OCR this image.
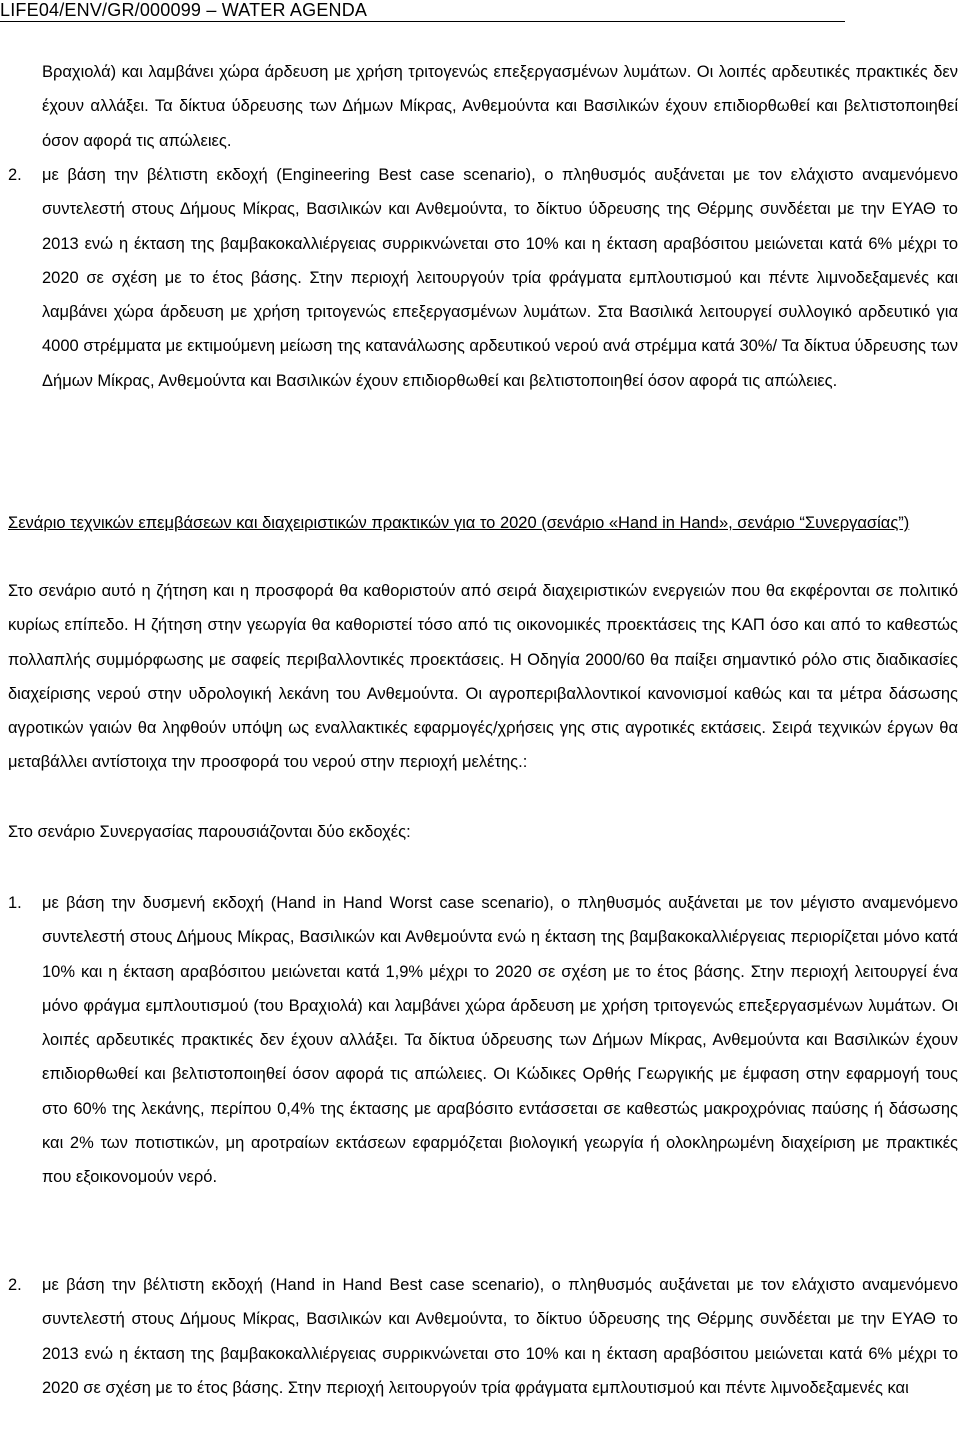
LIFE04/ENV/GR/000099 – WATER AGENDA
Βραχιολά) και λαμβάνει χώρα άρδευση με χρήση τριτογενώς επεξεργασμένων λυμάτων. Οι λοιπές αρδευτικές πρακτικές δεν έχουν αλλάξει. Τα δίκτυα ύδρευσης των Δήμων Μίκρας, Ανθεμούντα και Βασιλικών έχουν επιδιορθωθεί και βελτιστοποιηθεί όσον αφορά τις απώλειες.
2. με βάση την βέλτιστη εκδοχή (Engineering Best case scenario), ο πληθυσμός αυξάνεται με τον ελάχιστο αναμενόμενο συντελεστή στους Δήμους Μίκρας, Βασιλικών και Ανθεμούντα, το δίκτυο ύδρευσης της Θέρμης συνδέεται με την ΕΥΑΘ το 2013 ενώ η έκταση της βαμβακοκαλλιέργειας συρρικνώνεται στο 10% και η έκταση αραβόσιτου μειώνεται κατά 6% μέχρι το 2020 σε σχέση με το έτος βάσης. Στην περιοχή λειτουργούν τρία φράγματα εμπλουτισμού και πέντε λιμνοδεξαμενές και λαμβάνει χώρα άρδευση με χρήση τριτογενώς επεξεργασμένων λυμάτων. Στα Βασιλικά λειτουργεί συλλογικό αρδευτικό για 4000 στρέμματα με εκτιμούμενη μείωση της κατανάλωσης αρδευτικού νερού ανά στρέμμα κατά 30%/ Τα δίκτυα ύδρευσης των Δήμων Μίκρας, Ανθεμούντα και Βασιλικών έχουν επιδιορθωθεί και βελτιστοποιηθεί όσον αφορά τις απώλειες.
Σενάριο τεχνικών επεμβάσεων και διαχειριστικών πρακτικών για το 2020 (σενάριο «Hand in Hand», σενάριο “Συνεργασίας”)
Στο σενάριο αυτό η ζήτηση και η προσφορά θα καθοριστούν από σειρά διαχειριστικών ενεργειών που θα εκφέρονται σε πολιτικό κυρίως επίπεδο. Η ζήτηση στην γεωργία θα καθοριστεί τόσο από τις οικονομικές προεκτάσεις της ΚΑΠ όσο και από το καθεστώς πολλαπλής συμμόρφωσης με σαφείς περιβαλλοντικές προεκτάσεις. Η Οδηγία 2000/60 θα παίξει σημαντικό ρόλο στις διαδικασίες διαχείρισης νερού στην υδρολογική λεκάνη του Ανθεμούντα. Οι αγροπεριβαλλοντικοί κανονισμοί καθώς και τα μέτρα δάσωσης αγροτικών γαιών θα ληφθούν υπόψη ως εναλλακτικές εφαρμογές/χρήσεις γης στις αγροτικές εκτάσεις. Σειρά τεχνικών έργων θα μεταβάλλει αντίστοιχα την προσφορά του νερού στην περιοχή μελέτης.:
Στο σενάριο Συνεργασίας παρουσιάζονται δύο εκδοχές:
1. με βάση την δυσμενή εκδοχή (Hand in Hand Worst case scenario), ο πληθυσμός αυξάνεται με τον μέγιστο αναμενόμενο συντελεστή στους Δήμους Μίκρας, Βασιλικών και Ανθεμούντα ενώ η έκταση της βαμβακοκαλλιέργειας περιορίζεται μόνο κατά 10% και η έκταση αραβόσιτου μειώνεται κατά 1,9% μέχρι το 2020 σε σχέση με το έτος βάσης. Στην περιοχή λειτουργεί ένα μόνο φράγμα εμπλουτισμού (του Βραχιολά) και λαμβάνει χώρα άρδευση με χρήση τριτογενώς επεξεργασμένων λυμάτων. Οι λοιπές αρδευτικές πρακτικές δεν έχουν αλλάξει. Τα δίκτυα ύδρευσης των Δήμων Μίκρας, Ανθεμούντα και Βασιλικών έχουν επιδιορθωθεί και βελτιστοποιηθεί όσον αφορά τις απώλειες. Οι Κώδικες Ορθής Γεωργικής με έμφαση στην εφαρμογή τους στο 60% της λεκάνης, περίπου 0,4% της έκτασης με αραβόσιτο εντάσσεται σε καθεστώς μακροχρόνιας παύσης ή δάσωσης και 2% των ποτιστικών, μη αροτραίων εκτάσεων εφαρμόζεται βιολογική γεωργία ή ολοκληρωμένη διαχείριση με πρακτικές που εξοικονομούν νερό.
2. με βάση την βέλτιστη εκδοχή (Hand in Hand Best case scenario), ο πληθυσμός αυξάνεται με τον ελάχιστο αναμενόμενο συντελεστή στους Δήμους Μίκρας, Βασιλικών και Ανθεμούντα, το δίκτυο ύδρευσης της Θέρμης συνδέεται με την ΕΥΑΘ το 2013 ενώ η έκταση της βαμβακοκαλλιέργειας συρρικνώνεται στο 10% και η έκταση αραβόσιτου μειώνεται κατά 6% μέχρι το 2020 σε σχέση με το έτος βάσης. Στην περιοχή λειτουργούν τρία φράγματα εμπλουτισμού και πέντε λιμνοδεξαμενές και
